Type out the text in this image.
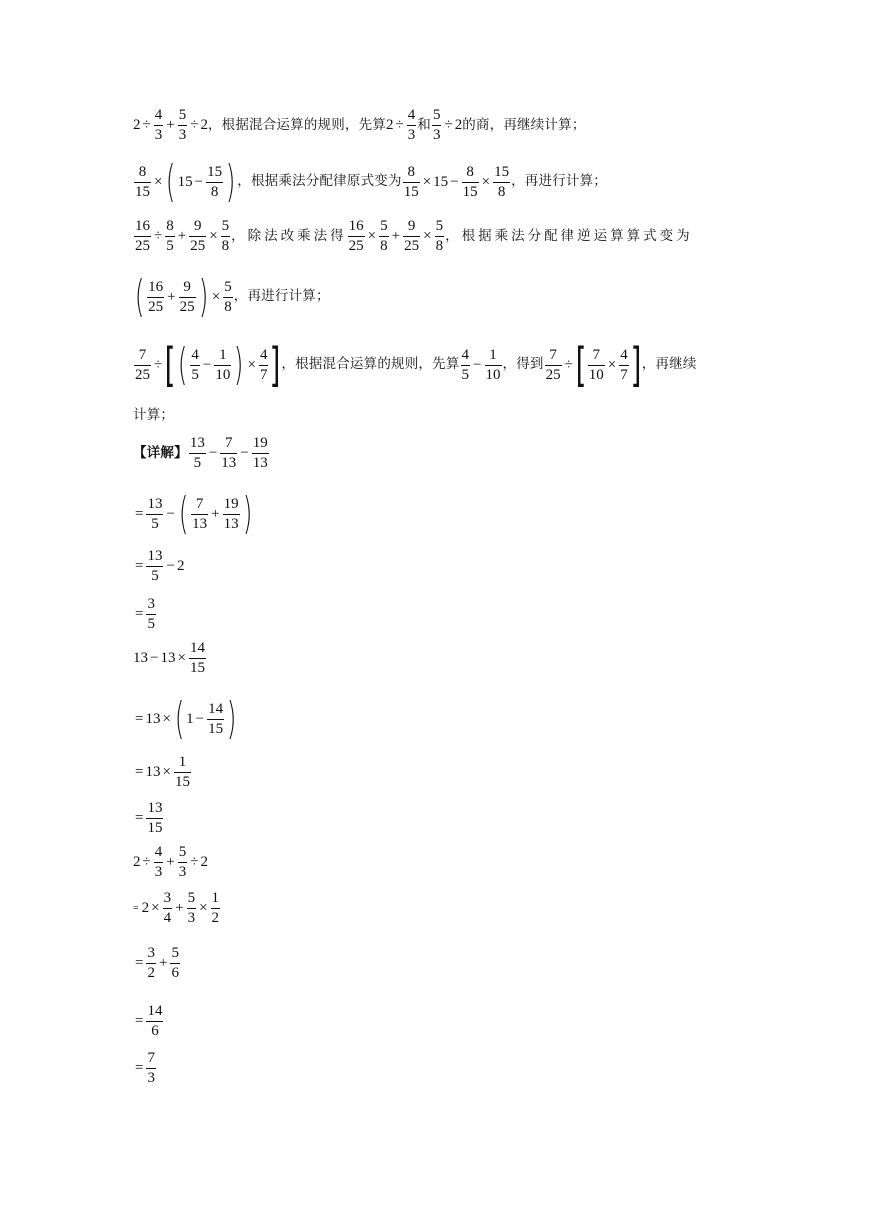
$2 \div \frac{4}{3} + \frac{5}{3} \div 2$ ，根据混合运算的规则，先算 $2 \div \frac{4}{3}$ 和 $\frac{5}{3} \div 2$ 的商，再继续计算；
$\frac{8}{15}$ × ( $15 - \frac{15}{8}$ ) ，根据乘法分配律原式变为 $\frac{8}{15} \times 15 - \frac{8}{15} \times \frac{15}{8}$ ，再进行计算；
$\frac{16}{25} \div \frac{8}{5} + \frac{9}{25} \times \frac{5}{8}$ ，除法改乘法得 $\frac{16}{25} \times \frac{5}{8} + \frac{9}{25} \times \frac{5}{8}$ ，根据乘法分配律逆运算算式变为
( $\frac{16}{25} + \frac{9}{25}$ ) × $\frac{5}{8}$ ，再进行计算；
$\frac{7}{25}$ ÷ [ ( $\frac{4}{5} - \frac{1}{10}$ ) × $\frac{4}{7}$ ] ，根据混合运算的规则，先算 $\frac{4}{5} - \frac{1}{10}$ ，得到 $\frac{7}{25}$ ÷ [ $\frac{7}{10} \times \frac{4}{7}$ ] ，再继续
计算；
【详解】 $\frac{13}{5} - \frac{7}{13} - \frac{19}{13}$
= $\frac{13}{5}$ − ( $\frac{7}{13} + \frac{19}{13}$ )
= $\frac{13}{5} - 2$
= $\frac{3}{5}$
$13 - 13 \times \frac{14}{15}$
= 13 × ( $1 - \frac{14}{15}$ )
= $13 \times \frac{1}{15}$
= $\frac{13}{15}$
$2 \div \frac{4}{3} + \frac{5}{3} \div 2$
= $2 \times \frac{3}{4} + \frac{5}{3} \times \frac{1}{2}$
= $\frac{3}{2} + \frac{5}{6}$
= $\frac{14}{6}$
= $\frac{7}{3}$
